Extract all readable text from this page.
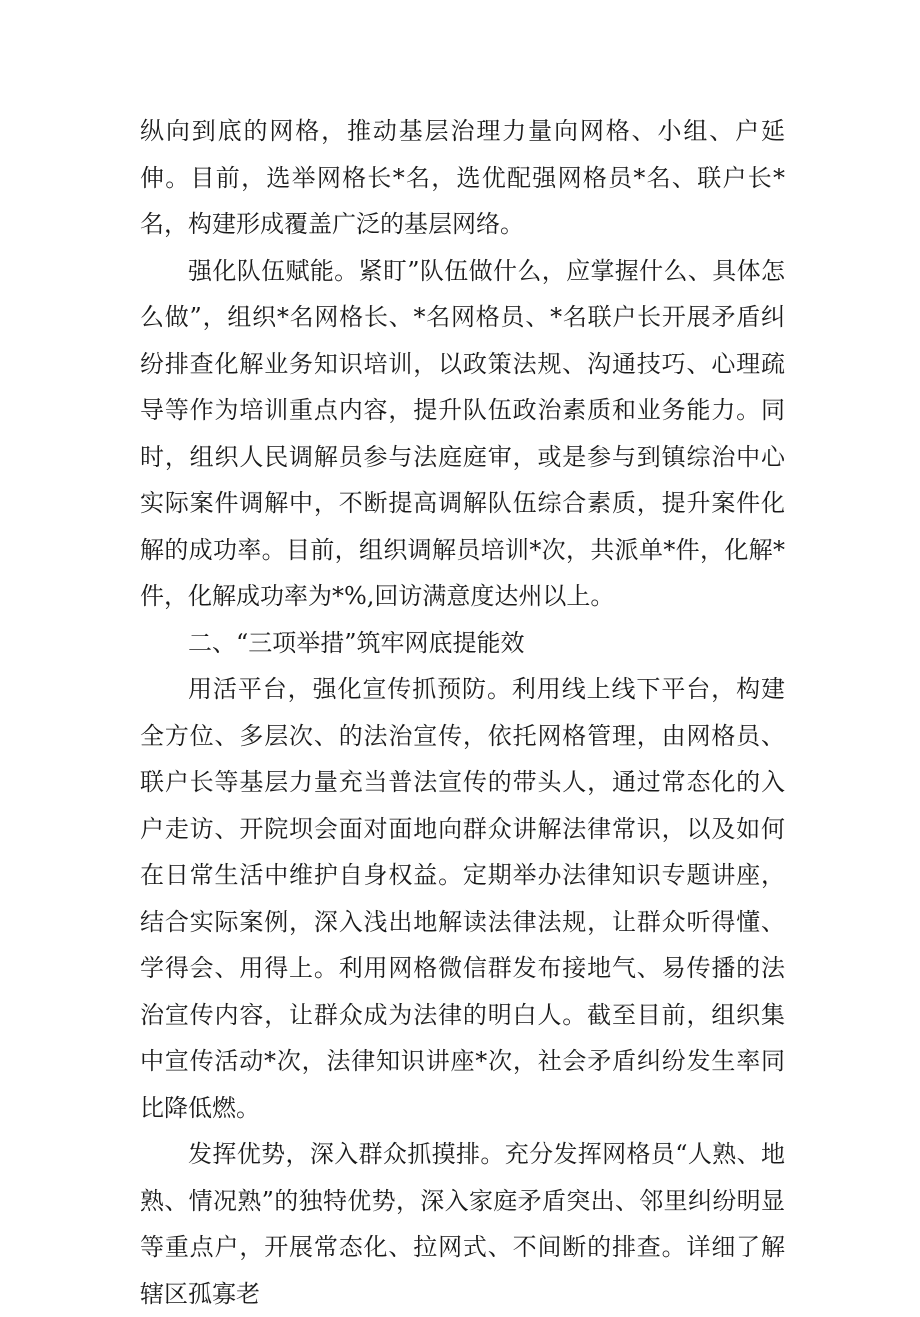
纵向到底的网格，推动基层治理力量向网格、小组、户延伸。目前，选举网格长*名，选优配强网格员*名、联户长*名，构建形成覆盖广泛的基层网络。

强化队伍赋能。紧盯”队伍做什么，应掌握什么、具体怎么做”，组织*名网格长、*名网格员、*名联户长开展矛盾纠纷排查化解业务知识培训，以政策法规、沟通技巧、心理疏导等作为培训重点内容，提升队伍政治素质和业务能力。同时，组织人民调解员参与法庭庭审，或是参与到镇综治中心实际案件调解中，不断提高调解队伍综合素质，提升案件化解的成功率。目前，组织调解员培训*次，共派单*件，化解*件，化解成功率为*%,回访满意度达州以上。

二、“三项举措”筑牢网底提能效

用活平台，强化宣传抓预防。利用线上线下平台，构建全方位、多层次、的法治宣传，依托网格管理，由网格员、联户长等基层力量充当普法宣传的带头人，通过常态化的入户走访、开院坝会面对面地向群众讲解法律常识，以及如何在日常生活中维护自身权益。定期举办法律知识专题讲座，结合实际案例，深入浅出地解读法律法规，让群众听得懂、学得会、用得上。利用网格微信群发布接地气、易传播的法治宣传内容，让群众成为法律的明白人。截至目前，组织集中宣传活动*次，法律知识讲座*次，社会矛盾纠纷发生率同比降低燃。

发挥优势，深入群众抓摸排。充分发挥网格员“人熟、地熟、情况熟”的独特优势，深入家庭矛盾突出、邻里纠纷明显等重点户，开展常态化、拉网式、不间断的排查。详细了解辖区孤寡老
